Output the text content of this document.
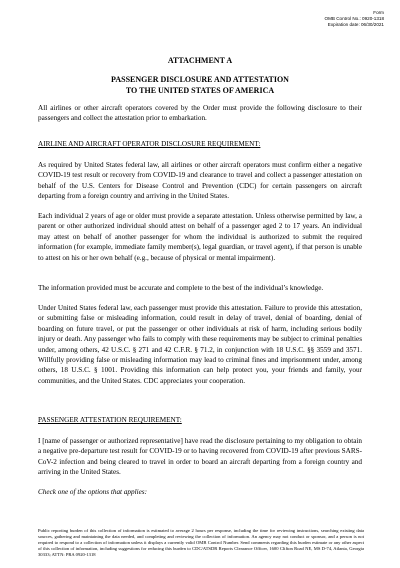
Form
OMB Control No.: 0920-1318
Expiration date: 06/30/2021
ATTACHMENT A
PASSENGER DISCLOSURE AND ATTESTATION
TO THE UNITED STATES OF AMERICA
All airlines or other aircraft operators covered by the Order must provide the following disclosure to their passengers and collect the attestation prior to embarkation.
AIRLINE AND AIRCRAFT OPERATOR DISCLOSURE REQUIREMENT:
As required by United States federal law, all airlines or other aircraft operators must confirm either a negative COVID-19 test result or recovery from COVID-19 and clearance to travel and collect a passenger attestation on behalf of the U.S. Centers for Disease Control and Prevention (CDC) for certain passengers on aircraft departing from a foreign country and arriving in the United States.
Each individual 2 years of age or older must provide a separate attestation. Unless otherwise permitted by law, a parent or other authorized individual should attest on behalf of a passenger aged 2 to 17 years. An individual may attest on behalf of another passenger for whom the individual is authorized to submit the required information (for example, immediate family member(s), legal guardian, or travel agent), if that person is unable to attest on his or her own behalf (e.g., because of physical or mental impairment).
The information provided must be accurate and complete to the best of the individual’s knowledge.
Under United States federal law, each passenger must provide this attestation. Failure to provide this attestation, or submitting false or misleading information, could result in delay of travel, denial of boarding, denial of boarding on future travel, or put the passenger or other individuals at risk of harm, including serious bodily injury or death. Any passenger who fails to comply with these requirements may be subject to criminal penalties under, among others, 42 U.S.C. § 271 and 42 C.F.R. § 71.2, in conjunction with 18 U.S.C. §§ 3559 and 3571. Willfully providing false or misleading information may lead to criminal fines and imprisonment under, among others, 18 U.S.C. § 1001. Providing this information can help protect you, your friends and family, your communities, and the United States. CDC appreciates your cooperation.
PASSENGER ATTESTATION REQUIREMENT:
I [name of passenger or authorized representative] have read the disclosure pertaining to my obligation to obtain a negative pre-departure test result for COVID-19 or to having recovered from COVID-19 after previous SARS-CoV-2 infection and being cleared to travel in order to board an aircraft departing from a foreign country and arriving in the United States.
Check one of the options that applies:
Public reporting burden of this collection of information is estimated to average 2 hours per response, including the time for reviewing instructions, searching existing data sources, gathering and maintaining the data needed, and completing and reviewing the collection of information. An agency may not conduct or sponsor, and a person is not required to respond to a collection of information unless it displays a currently valid OMB Control Number. Send comments regarding this burden estimate or any other aspect of this collection of information, including suggestions for reducing this burden to CDC/ATSDR Reports Clearance Officer, 1600 Clifton Road NE, MS D-74, Atlanta, Georgia 30333; ATTN: PRA 0920-1318
